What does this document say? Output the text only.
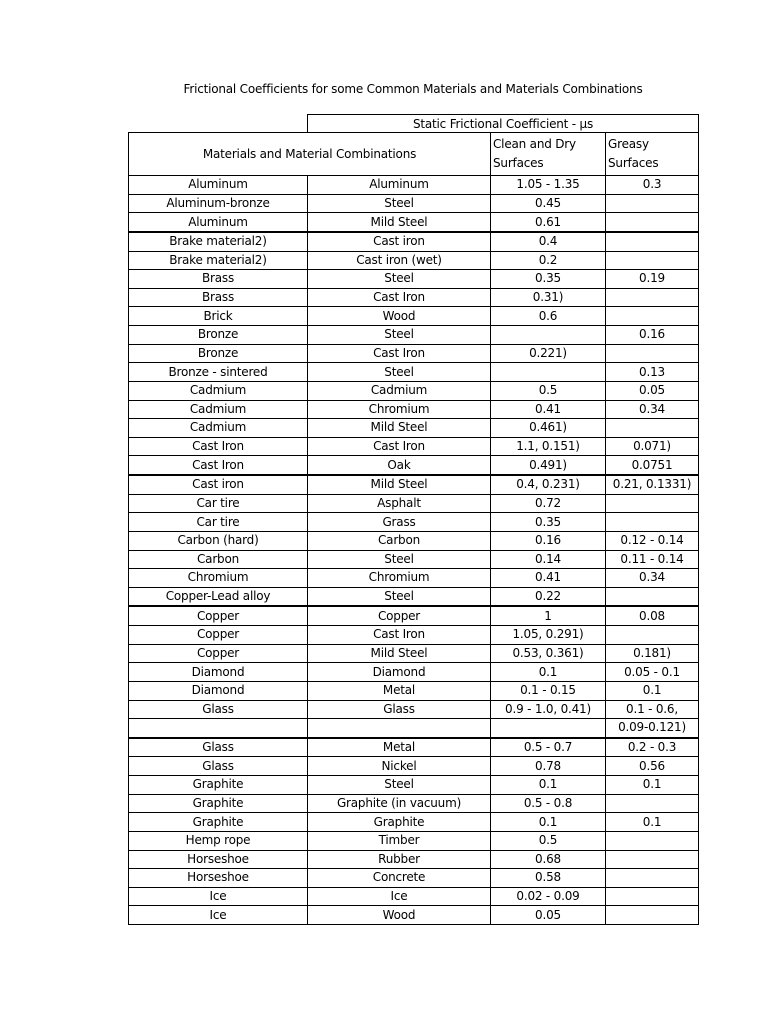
Frictional Coefficients for some Common Materials and Materials Combinations
	Static Frictional Coefficient - μs		
Materials and Material Combinations		Clean and Dry Surfaces	Greasy Surfaces
Aluminum	Aluminum	1.05 - 1.35	0.3
Aluminum-bronze	Steel	0.45	
Aluminum	Mild Steel	0.61	
Brake material2)	Cast iron	0.4	
Brake material2)	Cast iron (wet)	0.2	
Brass	Steel	0.35	0.19
Brass	Cast Iron	0.31)	
Brick	Wood	0.6	
Bronze	Steel		0.16
Bronze	Cast Iron	0.221)	
Bronze - sintered	Steel		0.13
Cadmium	Cadmium	0.5	0.05
Cadmium	Chromium	0.41	0.34
Cadmium	Mild Steel	0.461)	
Cast Iron	Cast Iron	1.1, 0.151)	0.071)
Cast Iron	Oak	0.491)	0.0751
Cast iron	Mild Steel	0.4, 0.231)	0.21, 0.1331)
Car tire	Asphalt	0.72	
Car tire	Grass	0.35	
Carbon (hard)	Carbon	0.16	0.12 - 0.14
Carbon	Steel	0.14	0.11 - 0.14
Chromium	Chromium	0.41	0.34
Copper-Lead alloy	Steel	0.22	
Copper	Copper	1	0.08
Copper	Cast Iron	1.05, 0.291)	
Copper	Mild Steel	0.53, 0.361)	0.181)
Diamond	Diamond	0.1	0.05 - 0.1
Diamond	Metal	0.1 - 0.15	0.1
Glass	Glass	0.9 - 1.0, 0.41)	0.1 - 0.6,
			0.09-0.121)
Glass	Metal	0.5 - 0.7	0.2 - 0.3
Glass	Nickel	0.78	0.56
Graphite	Steel	0.1	0.1
Graphite	Graphite (in vacuum)	0.5 - 0.8	
Graphite	Graphite	0.1	0.1
Hemp rope	Timber	0.5	
Horseshoe	Rubber	0.68	
Horseshoe	Concrete	0.58	
Ice	Ice	0.02 - 0.09	
Ice	Wood	0.05	
